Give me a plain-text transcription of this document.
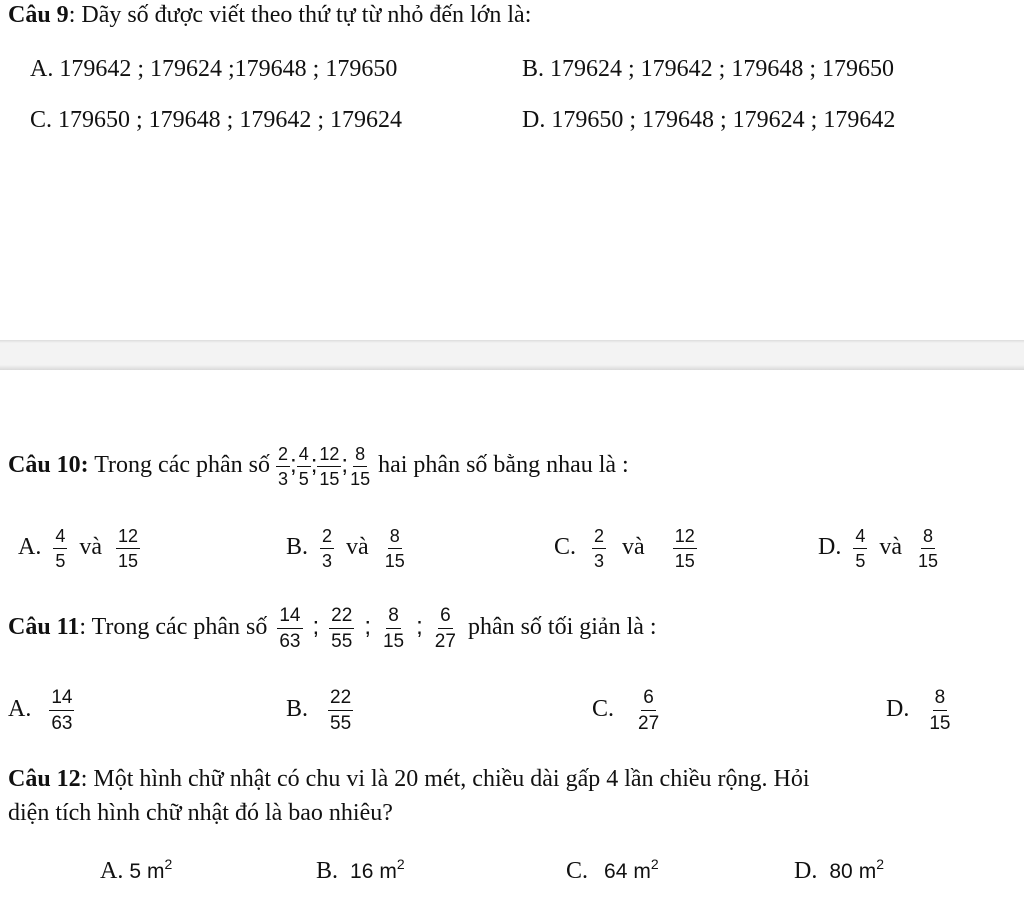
Câu 9: Dãy số được viết theo thứ tự từ nhỏ đến lớn là:
A. 179642 ; 179624 ;179648 ; 179650	B. 179624 ; 179642 ; 179648 ; 179650
C. 179650 ; 179648 ; 179642 ; 179624	D. 179650 ; 179648 ; 179624 ; 179642
Câu 10: Trong các phân số $\frac{2}{3}$ ; $\frac{4}{5}$ ; $\frac{12}{15}$ ; $\frac{8}{15}$ hai phân số bằng nhau là :
A. $\frac{4}{5}$ và $\frac{12}{15}$	B. $\frac{2}{3}$ và $\frac{8}{15}$	C. $\frac{2}{3}$ và $\frac{12}{15}$	D. $\frac{4}{5}$ và $\frac{8}{15}$
Câu 11: Trong các phân số $\frac{14}{63}$ ; $\frac{22}{55}$ ; $\frac{8}{15}$ ; $\frac{6}{27}$ phân số tối giản là :
A. $\frac{14}{63}$	B. $\frac{22}{55}$	C. $\frac{6}{27}$	D. $\frac{8}{15}$
Câu 12: Một hình chữ nhật có chu vi là 20 mét, chiều dài gấp 4 lần chiều rộng. Hỏi
diện tích hình chữ nhật đó là bao nhiêu?
A. 5 $m^2$	B. 16 $m^2$	C. 64 $m^2$	D. 80 $m^2$
